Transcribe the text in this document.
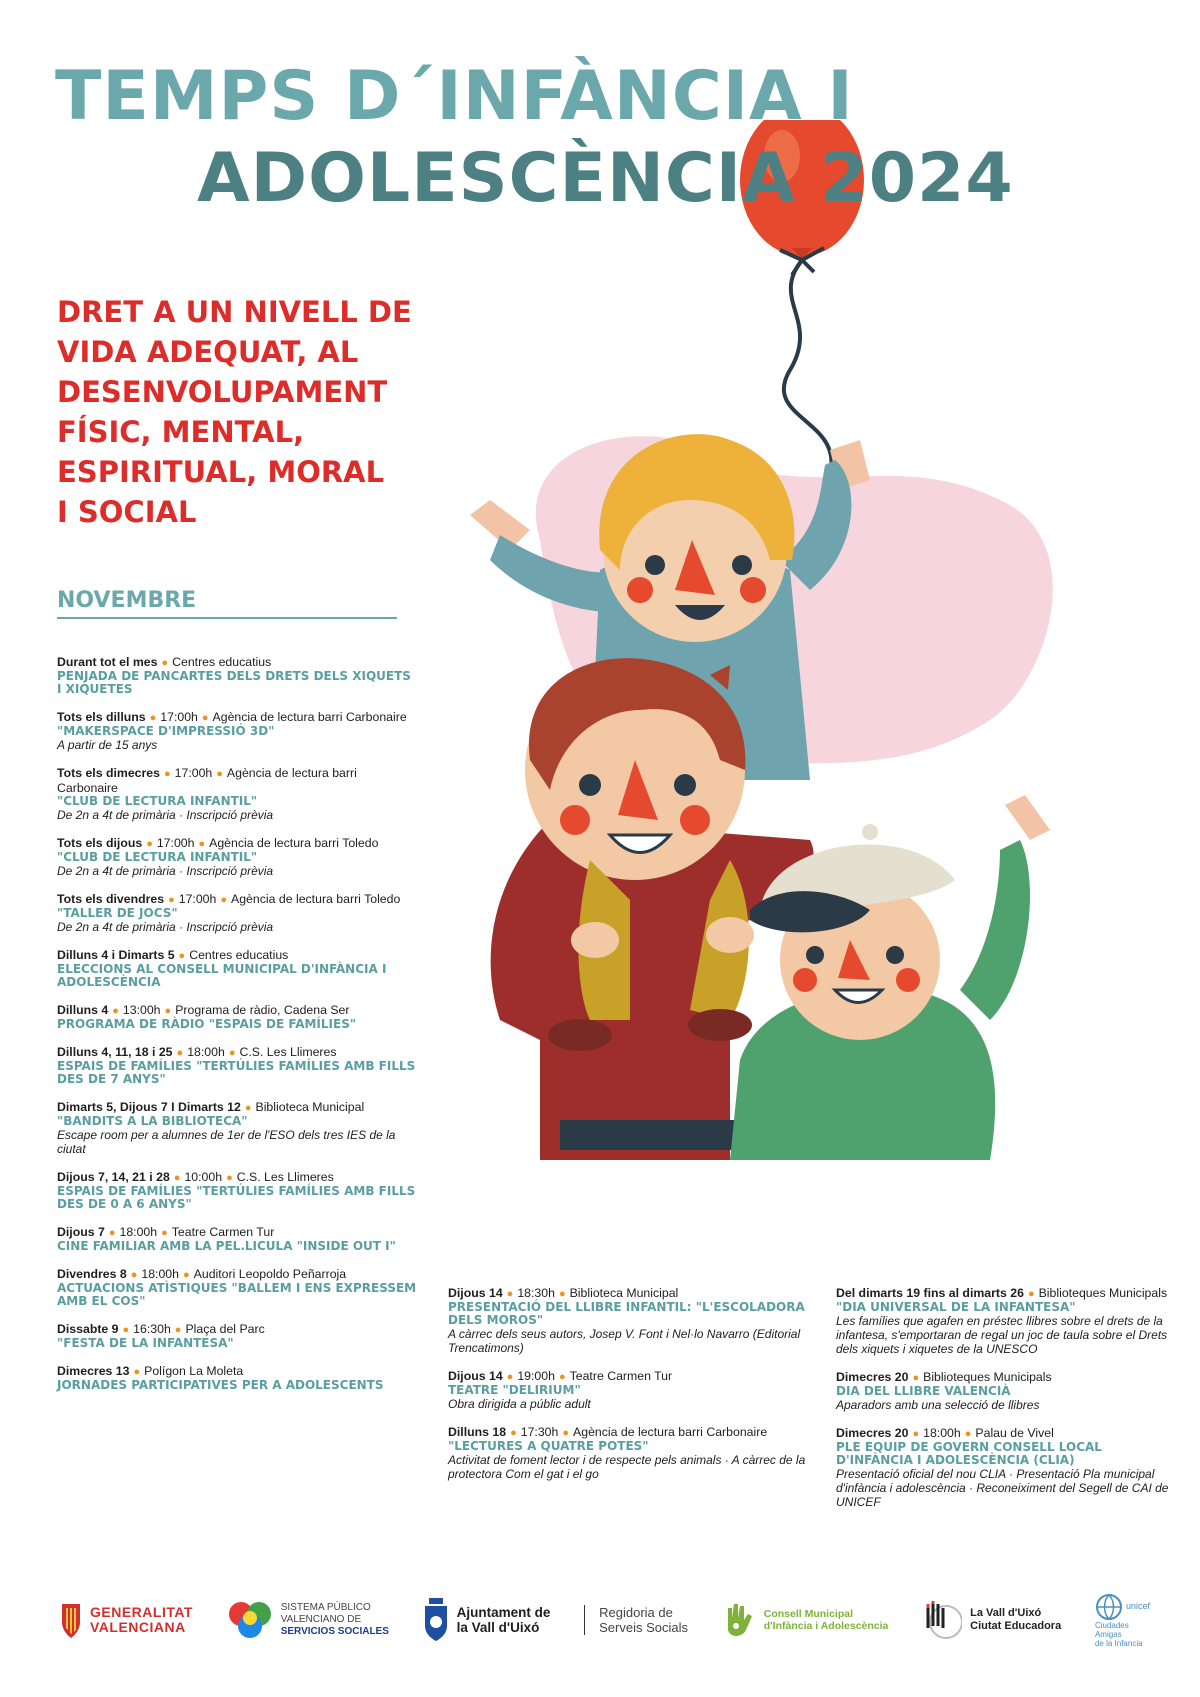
TEMPS D´INFÀNCIA I
ADOLESCÈNCIA 2024
DRET A UN NIVELL DE
VIDA ADEQUAT, AL
DESENVOLUPAMENT
FÍSIC, MENTAL,
ESPIRITUAL, MORAL
I SOCIAL
NOVEMBRE
Durant tot el mes ● Centres educatius
PENJADA DE PANCARTES DELS DRETS DELS XIQUETS I XIQUETES
Tots els dilluns ● 17:00h ● Agència de lectura barri Carbonaire
"MAKERSPACE D'IMPRESSIÓ 3D"
A partir de 15 anys
Tots els dimecres ● 17:00h ● Agència de lectura barri Carbonaire
"CLUB DE LECTURA INFANTIL"
De 2n a 4t de primària · Inscripció prèvia
Tots els dijous ● 17:00h ● Agència de lectura barri Toledo
"CLUB DE LECTURA INFANTIL"
De 2n a 4t de primària · Inscripció prèvia
Tots els divendres ● 17:00h ● Agència de lectura barri Toledo
"TALLER DE JOCS"
De 2n a 4t de primària · Inscripció prèvia
Dilluns 4 i Dimarts 5 ● Centres educatius
ELECCIONS AL CONSELL MUNICIPAL D'INFÀNCIA I ADOLESCÈNCIA
Dilluns 4 ● 13:00h ● Programa de ràdio, Cadena Ser
PROGRAMA DE RÀDIO "ESPAIS DE FAMÍLIES"
Dilluns 4, 11, 18 i 25 ● 18:00h ● C.S. Les Llimeres
ESPAIS DE FAMÍLIES "TERTÚLIES FAMÍLIES AMB FILLS DES DE 7 ANYS"
Dimarts 5, Dijous 7 I Dimarts 12 ● Biblioteca Municipal
"BANDITS A LA BIBLIOTECA"
Escape room per a alumnes de 1er de l'ESO dels tres IES de la ciutat
Dijous 7, 14, 21 i 28 ● 10:00h ● C.S. Les Llimeres
ESPAIS DE FAMÍLIES "TERTÚLIES FAMÍLIES AMB FILLS DES DE 0 A 6 ANYS"
Dijous 7 ● 18:00h ● Teatre Carmen Tur
CINE FAMILIAR AMB LA PEL.LICULA "INSIDE OUT I"
Divendres 8 ● 18:00h ● Auditori Leopoldo Peñarroja
ACTUACIONS ATÌSTIQUES "BALLEM I ENS EXPRESSEM AMB EL COS"
Dissabte 9 ● 16:30h ● Plaça del Parc
"FESTA DE LA INFANTESA"
Dimecres 13 ● Polígon La Moleta
JORNADES PARTICIPATIVES PER A ADOLESCENTS
Dijous 14 ● 18:30h ● Biblioteca Municipal
PRESENTACIÓ DEL LLIBRE INFANTIL: "L'ESCOLADORA DELS MOROS"
A càrrec dels seus autors, Josep V. Font i Nel·lo Navarro (Editorial Trencatimons)
Dijous 14 ● 19:00h ● Teatre Carmen Tur
TEATRE "DELIRIUM"
Obra dirigida a públic adult
Dilluns 18 ● 17:30h ● Agència de lectura barri Carbonaire
"LECTURES A QUATRE POTES"
Activitat de foment lector i de respecte pels animals · A càrrec de la protectora Com el gat i el go
Del dimarts 19 fins al dimarts 26 ● Biblioteques Municipals
"DIA UNIVERSAL DE LA INFANTESA"
Les famílies que agafen en préstec llibres sobre el drets de la infantesa, s'emportaran de regal un joc de taula sobre el Drets dels xiquets i xiquetes de la UNESCO
Dimecres 20 ● Biblioteques Municipals
DIA DEL LLIBRE VALENCIÀ
Aparadors amb una selecció de llibres
Dimecres 20 ● 18:00h ● Palau de Vivel
PLE EQUIP DE GOVERN CONSELL LOCAL D'INFÀNCIA I ADOLESCÈNCIA (CLIA)
Presentació oficial del nou CLIA · Presentació Pla municipal d'infància i adolescència · Reconeiximent del Segell de CAI de UNICEF
GENERALITAT
VALENCIANA
SISTEMA PÚBLICO
VALENCIANO DE
SERVICIOS SOCIALES
Ajuntament de
la Vall d'Uixó
Regidoria de
Serveis Socials
Consell Municipal
d'Infància i Adolescència
La Vall d'Uixó
Ciutat Educadora
unicef
Ciudades
Amigas
de la Infancia
